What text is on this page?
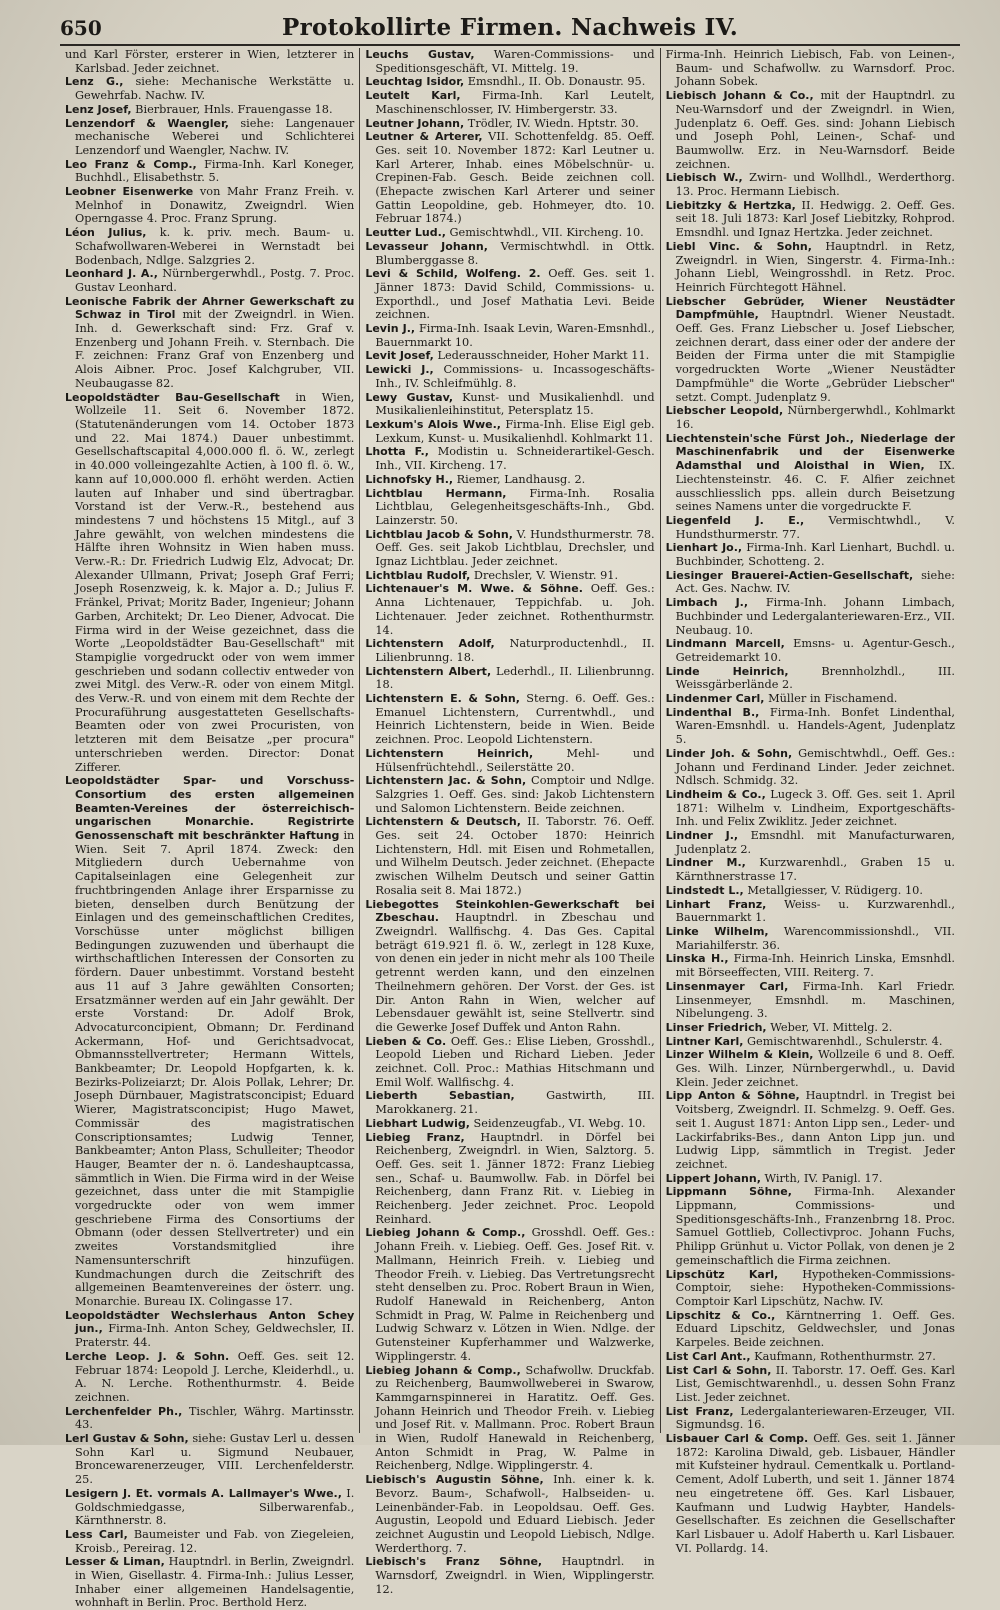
650	Protokollirte Firmen. Nachweis IV.

und Karl Förster, ersterer in Wien, letzterer in Karlsbad. Jeder zeichnet.

Lenz G., siehe: Mechanische Werkstätte u. Gewehrfab. Nachw. IV.

Lenz Josef, Bierbrauer, Hnls. Frauengasse 18.

Lenzendorf & Waengler, siehe: Langenauer mechanische Weberei und Schlichterei Lenzendorf und Waengler, Nachw. IV.

Leo Franz & Comp., Firma-Inh. Karl Koneger, Buchhdl., Elisabethstr. 5.

Leobner Eisenwerke von Mahr Franz Freih. v. Melnhof in Donawitz, Zweigndrl. Wien Operngasse 4. Proc. Franz Sprung.

Léon Julius, k. k. priv. mech. Baum- u. Schafwollwaren-Weberei in Wernstadt bei Bodenbach, Ndlge. Salzgries 2.

Leonhard J. A., Nürnbergerwhdl., Postg. 7. Proc. Gustav Leonhard.

Leonische Fabrik der Ahrner Gewerkschaft zu Schwaz in Tirol mit der Zweigndrl. in Wien. Inh. d. Gewerkschaft sind: Frz. Graf v. Enzenberg und Johann Freih. v. Sternbach. Die F. zeichnen: Franz Graf von Enzenberg und Alois Aibner. Proc. Josef Kalchgruber, VII. Neubaugasse 82.

Leopoldstädter Bau-Gesellschaft in Wien, Wollzeile 11. Seit 6. November 1872. (Statutenänderungen vom 14. October 1873 und 22. Mai 1874.) Dauer unbestimmt. Gesellschaftscapital 4,000.000 fl. ö. W., zerlegt in 40.000 volleingezahlte Actien, à 100 fl. ö. W., kann auf 10,000.000 fl. erhöht werden. Actien lauten auf Inhaber und sind übertragbar. Vorstand ist der Verw.-R., bestehend aus mindestens 7 und höchstens 15 Mitgl., auf 3 Jahre gewählt, von welchen mindestens die Hälfte ihren Wohnsitz in Wien haben muss. Verw.-R.: Dr. Friedrich Ludwig Elz, Advocat; Dr. Alexander Ullmann, Privat; Joseph Graf Ferri; Joseph Rosenzweig, k. k. Major a. D.; Julius F. Fränkel, Privat; Moritz Bader, Ingenieur; Johann Garben, Architekt; Dr. Leo Diener, Advocat. Die Firma wird in der Weise gezeichnet, dass die Worte „Leopoldstädter Bau-Gesellschaft" mit Stampiglie vorgedruckt oder von wem immer geschrieben und sodann collectiv entweder von zwei Mitgl. des Verw.-R. oder von einem Mitgl. des Verw.-R. und von einem mit dem Rechte der Procuraführung ausgestatteten Gesellschafts-Beamten oder von zwei Procuristen, von letzteren mit dem Beisatze „per procura" unterschrieben werden. Director: Donat Zifferer.

Leopoldstädter Spar- und Vorschuss-Consortium des ersten allgemeinen Beamten-Vereines der österreichisch-ungarischen Monarchie. Registrirte Genossenschaft mit beschränkter Haftung in Wien. Seit 7. April 1874. Zweck: den Mitgliedern durch Uebernahme von Capitalseinlagen eine Gelegenheit zur fruchtbringenden Anlage ihrer Ersparnisse zu bieten, denselben durch Benützung der Einlagen und des gemeinschaftlichen Credites, Vorschüsse unter möglichst billigen Bedingungen zuzuwenden und überhaupt die wirthschaftlichen Interessen der Consorten zu fördern. Dauer unbestimmt. Vorstand besteht aus 11 auf 3 Jahre gewählten Consorten; Ersatzmänner werden auf ein Jahr gewählt. Der erste Vorstand: Dr. Adolf Brok, Advocaturconcipient, Obmann; Dr. Ferdinand Ackermann, Hof- und Gerichtsadvocat, Obmannsstellvertreter; Hermann Wittels, Bankbeamter; Dr. Leopold Hopfgarten, k. k. Bezirks-Polizeiarzt; Dr. Alois Pollak, Lehrer; Dr. Joseph Dürnbauer, Magistratsconcipist; Eduard Wierer, Magistratsconcipist; Hugo Mawet, Commissär des magistratischen Conscriptionsamtes; Ludwig Tenner, Bankbeamter; Anton Plass, Schulleiter; Theodor Hauger, Beamter der n. ö. Landeshauptcassa, sämmtlich in Wien. Die Firma wird in der Weise gezeichnet, dass unter die mit Stampiglie vorgedruckte oder von wem immer geschriebene Firma des Consortiums der Obmann (oder dessen Stellvertreter) und ein zweites Vorstandsmitglied ihre Namensunterschrift hinzufügen. Kundmachungen durch die Zeitschrift des allgemeinen Beamtenvereines der österr. ung. Monarchie. Bureau IX. Colingasse 17.

Leopoldstädter Wechslerhaus Anton Schey jun., Firma-Inh. Anton Schey, Geldwechsler, II. Praterstr. 44.

Lerche Leop. J. & Sohn. Oeff. Ges. seit 12. Februar 1874: Leopold J. Lerche, Kleiderhdl., u. A. N. Lerche. Rothenthurmstr. 4. Beide zeichnen.

Lerchenfelder Ph., Tischler, Währg. Martinsstr. 43.

Lerl Gustav & Sohn, siehe: Gustav Lerl u. dessen Sohn Karl u. Sigmund Neubauer, Broncewarenerzeuger, VIII. Lerchenfelderstr. 25.

Lesigern J. Et. vormals A. Lallmayer's Wwe., I. Goldschmiedgasse, Silberwarenfab., Kärnthnerstr. 8.

Less Carl, Baumeister und Fab. von Ziegeleien, Kroisb., Pereirag. 12.

Lesser & Liman, Hauptndrl. in Berlin, Zweigndrl. in Wien, Gisellastr. 4. Firma-Inh.: Julius Lesser, Inhaber einer allgemeinen Handelsagentie, wohnhaft in Berlin. Proc. Berthold Herz.

Leuchs Gustav, Waren-Commissions- und Speditionsgeschäft, VI. Mittelg. 19.

Leuchtag Isidor, Emsndhl., II. Ob. Donaustr. 95.

Leutelt Karl, Firma-Inh. Karl Leutelt, Maschinenschlosser, IV. Himbergerstr. 33.

Leutner Johann, Trödler, IV. Wiedn. Hptstr. 30.

Leutner & Arterer, VII. Schottenfeldg. 85. Oeff. Ges. seit 10. November 1872: Karl Leutner u. Karl Arterer, Inhab. eines Möbelschnür- u. Crepinen-Fab. Gesch. Beide zeichnen coll. (Ehepacte zwischen Karl Arterer und seiner Gattin Leopoldine, geb. Hohmeyer, dto. 10. Februar 1874.)

Leutter Lud., Gemischtwhdl., VII. Kircheng. 10.

Levasseur Johann, Vermischtwhdl. in Ottk. Blumberggasse 8.

Levi & Schild, Wolfeng. 2. Oeff. Ges. seit 1. Jänner 1873: David Schild, Commissions- u. Exporthdl., und Josef Mathatia Levi. Beide zeichnen.

Levin J., Firma-Inh. Isaak Levin, Waren-Emsnhdl., Bauernmarkt 10.

Levit Josef, Lederausschneider, Hoher Markt 11.

Lewicki J., Commissions- u. Incassogeschäfts-Inh., IV. Schleifmühlg. 8.

Lewy Gustav, Kunst- und Musikalienhdl. und Musikalienleihinstitut, Petersplatz 15.

Lexkum's Alois Wwe., Firma-Inh. Elise Eigl geb. Lexkum, Kunst- u. Musikalienhdl. Kohlmarkt 11.

Lhotta F., Modistin u. Schneiderartikel-Gesch. Inh., VII. Kircheng. 17.

Lichnofsky H., Riemer, Landhausg. 2.

Lichtblau Hermann, Firma-Inh. Rosalia Lichtblau, Gelegenheitsgeschäfts-Inh., Gbd. Lainzerstr. 50.

Lichtblau Jacob & Sohn, V. Hundsthurmerstr. 78. Oeff. Ges. seit Jakob Lichtblau, Drechsler, und Ignaz Lichtblau. Jeder zeichnet.

Lichtblau Rudolf, Drechsler, V. Wienstr. 91.

Lichtenauer's M. Wwe. & Söhne. Oeff. Ges.: Anna Lichtenauer, Teppichfab. u. Joh. Lichtenauer. Jeder zeichnet. Rothenthurmstr. 14.

Lichtenstern Adolf, Naturproductenhdl., II. Lilienbrunng. 18.

Lichtenstern Albert, Lederhdl., II. Lilienbrunng. 18.

Lichtenstern E. & Sohn, Sterng. 6. Oeff. Ges.: Emanuel Lichtenstern, Currentwhdl., und Heinrich Lichtenstern, beide in Wien. Beide zeichnen. Proc. Leopold Lichtenstern.

Lichtenstern Heinrich,	Mehl- und Hülsenfrüchtehdl., Seilerstätte 20.

Lichtenstern Jac. & Sohn, Comptoir und Ndlge. Salzgries 1. Oeff. Ges. sind: Jakob Lichtenstern und Salomon Lichtenstern. Beide zeichnen.

Lichtenstern & Deutsch, II. Taborstr. 76. Oeff. Ges. seit 24. October 1870: Heinrich Lichtenstern, Hdl. mit Eisen und Rohmetallen, und Wilhelm Deutsch. Jeder zeichnet. (Ehepacte zwischen Wilhelm Deutsch und seiner Gattin Rosalia seit 8. Mai 1872.)

Liebegottes Steinkohlen-Gewerkschaft bei Zbeschau. Hauptndrl. in Zbeschau und Zweigndrl. Wallfischg. 4. Das Ges. Capital beträgt 619.921 fl. ö. W., zerlegt in 128 Kuxe, von denen ein jeder in nicht mehr als 100 Theile getrennt werden kann, und den einzelnen Theilnehmern gehören. Der Vorst. der Ges. ist Dir. Anton Rahn in Wien, welcher auf Lebensdauer gewählt ist, seine Stellvertr. sind die Gewerke Josef Duffek und Anton Rahn.

Lieben & Co. Oeff. Ges.: Elise Lieben, Grosshdl., Leopold Lieben und Richard Lieben. Jeder zeichnet. Coll. Proc.: Mathias Hitschmann und Emil Wolf. Wallfischg. 4.

Lieberth Sebastian,	Gastwirth, III. Marokkanerg. 21.

Liebhart Ludwig, Seidenzeugfab., VI. Webg. 10.

Liebieg Franz, Hauptndrl. in Dörfel bei Reichenberg, Zweigndrl. in Wien, Salztorg. 5. Oeff. Ges. seit 1. Jänner 1872: Franz Liebieg sen., Schaf- u. Baumwollw. Fab. in Dörfel bei Reichenberg, dann Franz Rit. v. Liebieg in Reichenberg. Jeder zeichnet. Proc. Leopold Reinhard.

Liebieg Johann & Comp., Grosshdl. Oeff. Ges.: Johann Freih. v. Liebieg. Oeff. Ges. Josef Rit. v. Mallmann, Heinrich Freih. v. Liebieg und Theodor Freih. v. Liebieg. Das Vertretungsrecht steht denselben zu. Proc. Robert Braun in Wien, Rudolf Hanewald in Reichenberg, Anton Schmidt in Prag, W. Palme in Reichenberg und Ludwig Schwarz v. Lötzen in Wien. Ndlge. der Gutensteiner Kupferhammer und Walzwerke, Wipplingerstr. 4.

Liebieg Johann & Comp., Schafwollw. Druckfab. zu Reichenberg, Baumwollweberei in Swarow, Kammgarnspinnerei in Haratitz. Oeff. Ges. Johann Heinrich und Theodor Freih. v. Liebieg und Josef Rit. v. Mallmann. Proc. Robert Braun in Wien, Rudolf Hanewald in Reichenberg, Anton Schmidt in Prag, W. Palme in Reichenberg, Ndlge. Wipplingerstr. 4.

Liebisch's Augustin Söhne, Inh. einer k. k. Bevorz. Baum-, Schafwoll-, Halbseiden- u. Leinenbänder-Fab. in Leopoldsau. Oeff. Ges. Augustin, Leopold und Eduard Liebisch. Jeder zeichnet Augustin und Leopold Liebisch, Ndlge. Werderthorg. 7.

Liebisch's Franz Söhne, Hauptndrl. in Warnsdorf, Zweigndrl. in Wien, Wipplingerstr. 12.

Firma-Inh. Heinrich Liebisch, Fab. von Leinen-, Baum- und Schafwollw. zu Warnsdorf. Proc. Johann Sobek.

Liebisch Johann & Co., mit der Hauptndrl. zu Neu-Warnsdorf und der Zweigndrl. in Wien, Judenplatz 6. Oeff. Ges. sind: Johann Liebisch und Joseph Pohl, Leinen-, Schaf- und Baumwollw. Erz. in Neu-Warnsdorf. Beide zeichnen.

Liebisch W., Zwirn- und Wollhdl., Werderthorg. 13. Proc. Hermann Liebisch.

Liebitzky & Hertzka, II. Hedwigg. 2. Oeff. Ges. seit 18. Juli 1873: Karl Josef Liebitzky, Rohprod. Emsndhl. und Ignaz Hertzka. Jeder zeichnet.

Liebl Vinc. & Sohn, Hauptndrl. in Retz, Zweigndrl. in Wien, Singerstr. 4. Firma-Inh.: Johann Liebl, Weingrosshdl. in Retz. Proc. Heinrich Fürchtegott Hähnel.

Liebscher Gebrüder, Wiener Neustädter Dampfmühle, Hauptndrl. Wiener Neustadt. Oeff. Ges. Franz Liebscher u. Josef Liebscher, zeichnen derart, dass einer oder der andere der Beiden der Firma unter die mit Stampiglie vorgedruckten Worte „Wiener Neustädter Dampfmühle" die Worte „Gebrüder Liebscher" setzt. Compt. Judenplatz 9.

Liebscher Leopold, Nürnbergerwhdl., Kohlmarkt 16.

Liechtenstein'sche Fürst Joh., Niederlage der Maschinenfabrik und der Eisenwerke Adamsthal und Aloisthal in Wien, IX. Liechtensteinstr. 46. C. F. Alfier zeichnet ausschliesslich pps. allein durch Beisetzung seines Namens unter die vorgedruckte F.

Liegenfeld J. E., Vermischtwhdl., V. Hundsthurmerstr. 77.

Lienhart Jo., Firma-Inh. Karl Lienhart, Buchdl. u. Buchbinder, Schotteng. 2.

Liesinger Brauerei-Actien-Gesellschaft, siehe: Act. Ges. Nachw. IV.

Limbach J., Firma-Inh. Johann Limbach, Buchbinder und Ledergalanteriewaren-Erz., VII. Neubaug. 10.

Lindmann Marcell, Emsns- u. Agentur-Gesch., Getreidemarkt 10.

Linde Heinrich,	Brennholzhdl., III. Weissgärberlände 2.

Lindenmer Carl, Müller in Fischamend.

Lindenthal B., Firma-Inh. Bonfet Lindenthal, Waren-Emsnhdl. u. Handels-Agent, Judenplatz 5.

Linder Joh. & Sohn, Gemischtwhdl., Oeff. Ges.: Johann und Ferdinand Linder. Jeder zeichnet. Ndlsch. Schmidg. 32.

Lindheim & Co., Lugeck 3. Off. Ges. seit 1. April 1871: Wilhelm v. Lindheim, Exportgeschäfts-Inh. und Felix Zwiklitz. Jeder zeichnet.

Lindner J., Emsndhl. mit Manufacturwaren, Judenplatz 2.

Lindner M., Kurzwarenhdl., Graben 15 u. Kärnthnerstrasse 17.

Lindstedt L., Metallgiesser, V. Rüdigerg. 10.

Linhart Franz, Weiss- u. Kurzwarenhdl., Bauernmarkt 1.

Linke Wilhelm, Warencommissionshdl., VII. Mariahilferstr. 36.

Linska H., Firma-Inh. Heinrich Linska, Emsnhdl. mit Börseeffecten, VIII. Reiterg. 7.

Linsenmayer Carl, Firma-Inh. Karl Friedr. Linsenmeyer, Emsnhdl. m. Maschinen, Nibelungeng. 3.

Linser Friedrich, Weber, VI. Mittelg. 2.

Lintner Karl, Gemischtwarenhdl., Schulerstr. 4.

Linzer Wilhelm & Klein, Wollzeile 6 und 8. Oeff. Ges. Wilh. Linzer, Nürnbergerwhdl., u. David Klein. Jeder zeichnet.

Lipp Anton & Söhne, Hauptndrl. in Tregist bei Voitsberg, Zweigndrl. II. Schmelzg. 9. Oeff. Ges. seit 1. August 1871: Anton Lipp sen., Leder- und Lackirfabriks-Bes., dann Anton Lipp jun. und Ludwig Lipp, sämmtlich in Tregist. Jeder zeichnet.

Lippert Johann, Wirth, IV. Panigl. 17.

Lippmann Söhne, Firma-Inh. Alexander Lippmann, Commissions- und Speditionsgeschäfts-Inh., Franzenbrng 18. Proc. Samuel Gottlieb, Collectivproc. Johann Fuchs, Philipp Grünhut u. Victor Pollak, von denen je 2 gemeinschaftlich die Firma zeichnen.

Lipschütz Karl, Hypotheken-Commissions-Comptoir, siehe: Hypotheken-Commissions-Comptoir Karl Lipschütz, Nachw. IV.

Lipschitz & Co., Kärntnerring 1. Oeff. Ges. Eduard Lipschitz, Geldwechsler, und Jonas Karpeles. Beide zeichnen.

List Carl Ant., Kaufmann, Rothenthurmstr. 27.

List Carl & Sohn, II. Taborstr. 17. Oeff. Ges. Karl List, Gemischtwarenhdl., u. dessen Sohn Franz List. Jeder zeichnet.

List Franz, Ledergalanteriewaren-Erzeuger, VII. Sigmundsg. 16.

Lisbauer Carl & Comp. Oeff. Ges. seit 1. Jänner 1872: Karolina Diwald, geb. Lisbauer, Händler mit Kufsteiner hydraul. Cementkalk u. Portland-Cement, Adolf Luberth, und seit 1. Jänner 1874 neu eingetretene öff. Ges. Karl Lisbauer, Kaufmann und Ludwig Haybter, Handels-Gesellschafter. Es zeichnen die Gesellschafter Karl Lisbauer u. Adolf Haberth u. Karl Lisbauer. VI. Pollardg. 14.
